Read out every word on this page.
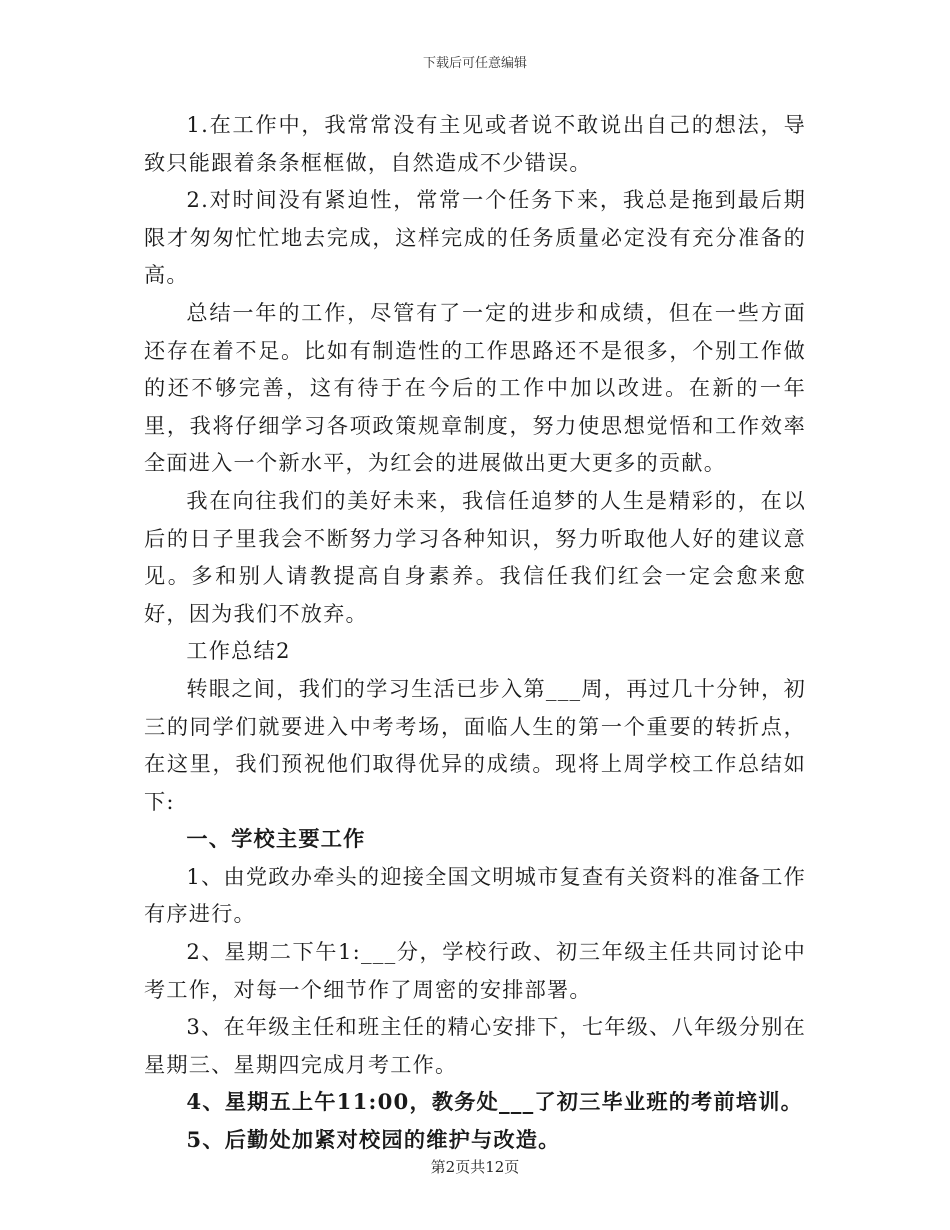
下载后可任意编辑

1.在工作中，我常常没有主见或者说不敢说出自己的想法，导致只能跟着条条框框做，自然造成不少错误。

2.对时间没有紧迫性，常常一个任务下来，我总是拖到最后期限才匆匆忙忙地去完成，这样完成的任务质量必定没有充分准备的高。

总结一年的工作，尽管有了一定的进步和成绩，但在一些方面还存在着不足。比如有制造性的工作思路还不是很多，个别工作做的还不够完善，这有待于在今后的工作中加以改进。在新的一年里，我将仔细学习各项政策规章制度，努力使思想觉悟和工作效率全面进入一个新水平，为红会的进展做出更大更多的贡献。

我在向往我们的美好未来，我信任追梦的人生是精彩的，在以后的日子里我会不断努力学习各种知识，努力听取他人好的建议意见。多和别人请教提高自身素养。我信任我们红会一定会愈来愈好，因为我们不放弃。

工作总结2

转眼之间，我们的学习生活已步入第___周，再过几十分钟，初三的同学们就要进入中考考场，面临人生的第一个重要的转折点，在这里，我们预祝他们取得优异的成绩。现将上周学校工作总结如下:

一、学校主要工作

1、由党政办牵头的迎接全国文明城市复查有关资料的准备工作有序进行。

2、星期二下午1:___分，学校行政、初三年级主任共同讨论中考工作，对每一个细节作了周密的安排部署。

3、在年级主任和班主任的精心安排下，七年级、八年级分别在星期三、星期四完成月考工作。

4、星期五上午11:00，教务处___了初三毕业班的考前培训。

5、后勤处加紧对校园的维护与改造。

第2页共12页
